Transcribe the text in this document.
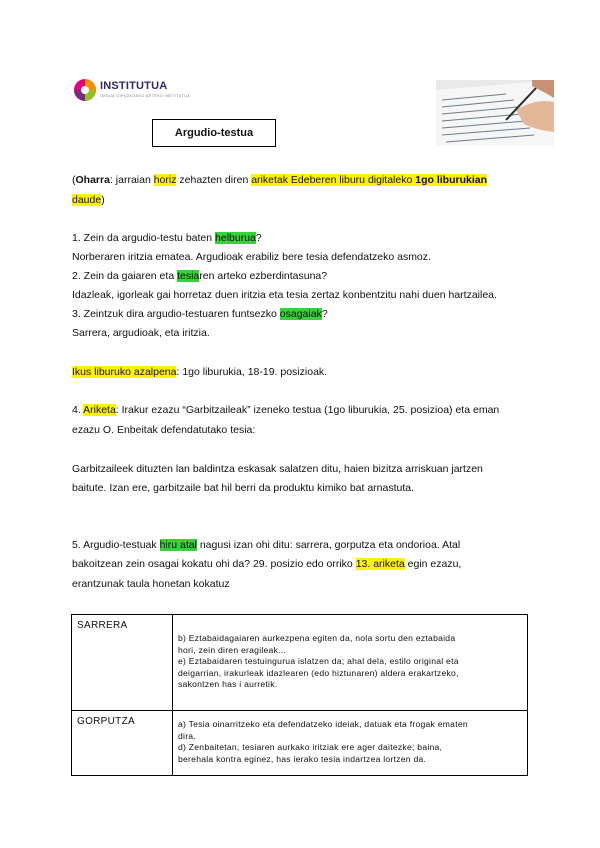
INSTITUTUA
ORDUA GIPUZKOAKO ARTEKO INSTITUTUA
Argudio-testua
(Oharra: jarraian horiz zehazten diren ariketak Edeberen liburu digitaleko 1go liburukian
daude)
1. Zein da argudio-testu baten helburua?
Norberaren iritzia ematea. Argudioak erabiliz bere tesia defendatzeko asmoz.
2. Zein da gaiaren eta tesiaren arteko ezberdintasuna?
Idazleak, igorleak gai horretaz duen iritzia eta tesia zertaz konbentzitu nahi duen hartzailea.
3. Zeintzuk dira argudio-testuaren funtsezko osagaiak?
Sarrera, argudioak, eta iritzia.
Ikus liburuko azalpena: 1go liburukia, 18-19. posizioak.
4. Ariketa: Irakur ezazu “Garbitzaileak” izeneko testua (1go liburukia, 25. posizioa) eta eman
ezazu O. Enbeitak defendatutako tesia:
Garbitzaileek dituzten lan baldintza eskasak salatzen ditu, haien bizitza arriskuan jartzen
baitute. Izan ere, garbitzaile bat hil berri da produktu kimiko bat arnastuta.
5. Argudio-testuak hiru atal nagusi izan ohi ditu: sarrera, gorputza eta ondorioa. Atal
bakoitzean zein osagai kokatu ohi da? 29. posizio edo orriko 13. ariketa egin ezazu,
erantzunak taula honetan kokatuz
SARRERA
b) Eztabaidagaiaren aurkezpena egiten da, nola sortu den eztabaida
hori, zein diren eragileak...
e) Eztabaidaren testuingurua islatzen da; ahal dela, estilo original eta
deigarrian, irakurleak idazlearen (edo hiztunaren) aldera erakartzeko,
sakontzen has i aurretik.
GORPUTZA	a) Tesia oinarritzeko eta defendatzeko ideiak, datuak eta frogak ematen
dira.
d) Zenbaitetan, tesiaren aurkako iritziak ere ager daitezke; baina,
berehala kontra eginez, has ierako tesia indartzea lortzen da.
